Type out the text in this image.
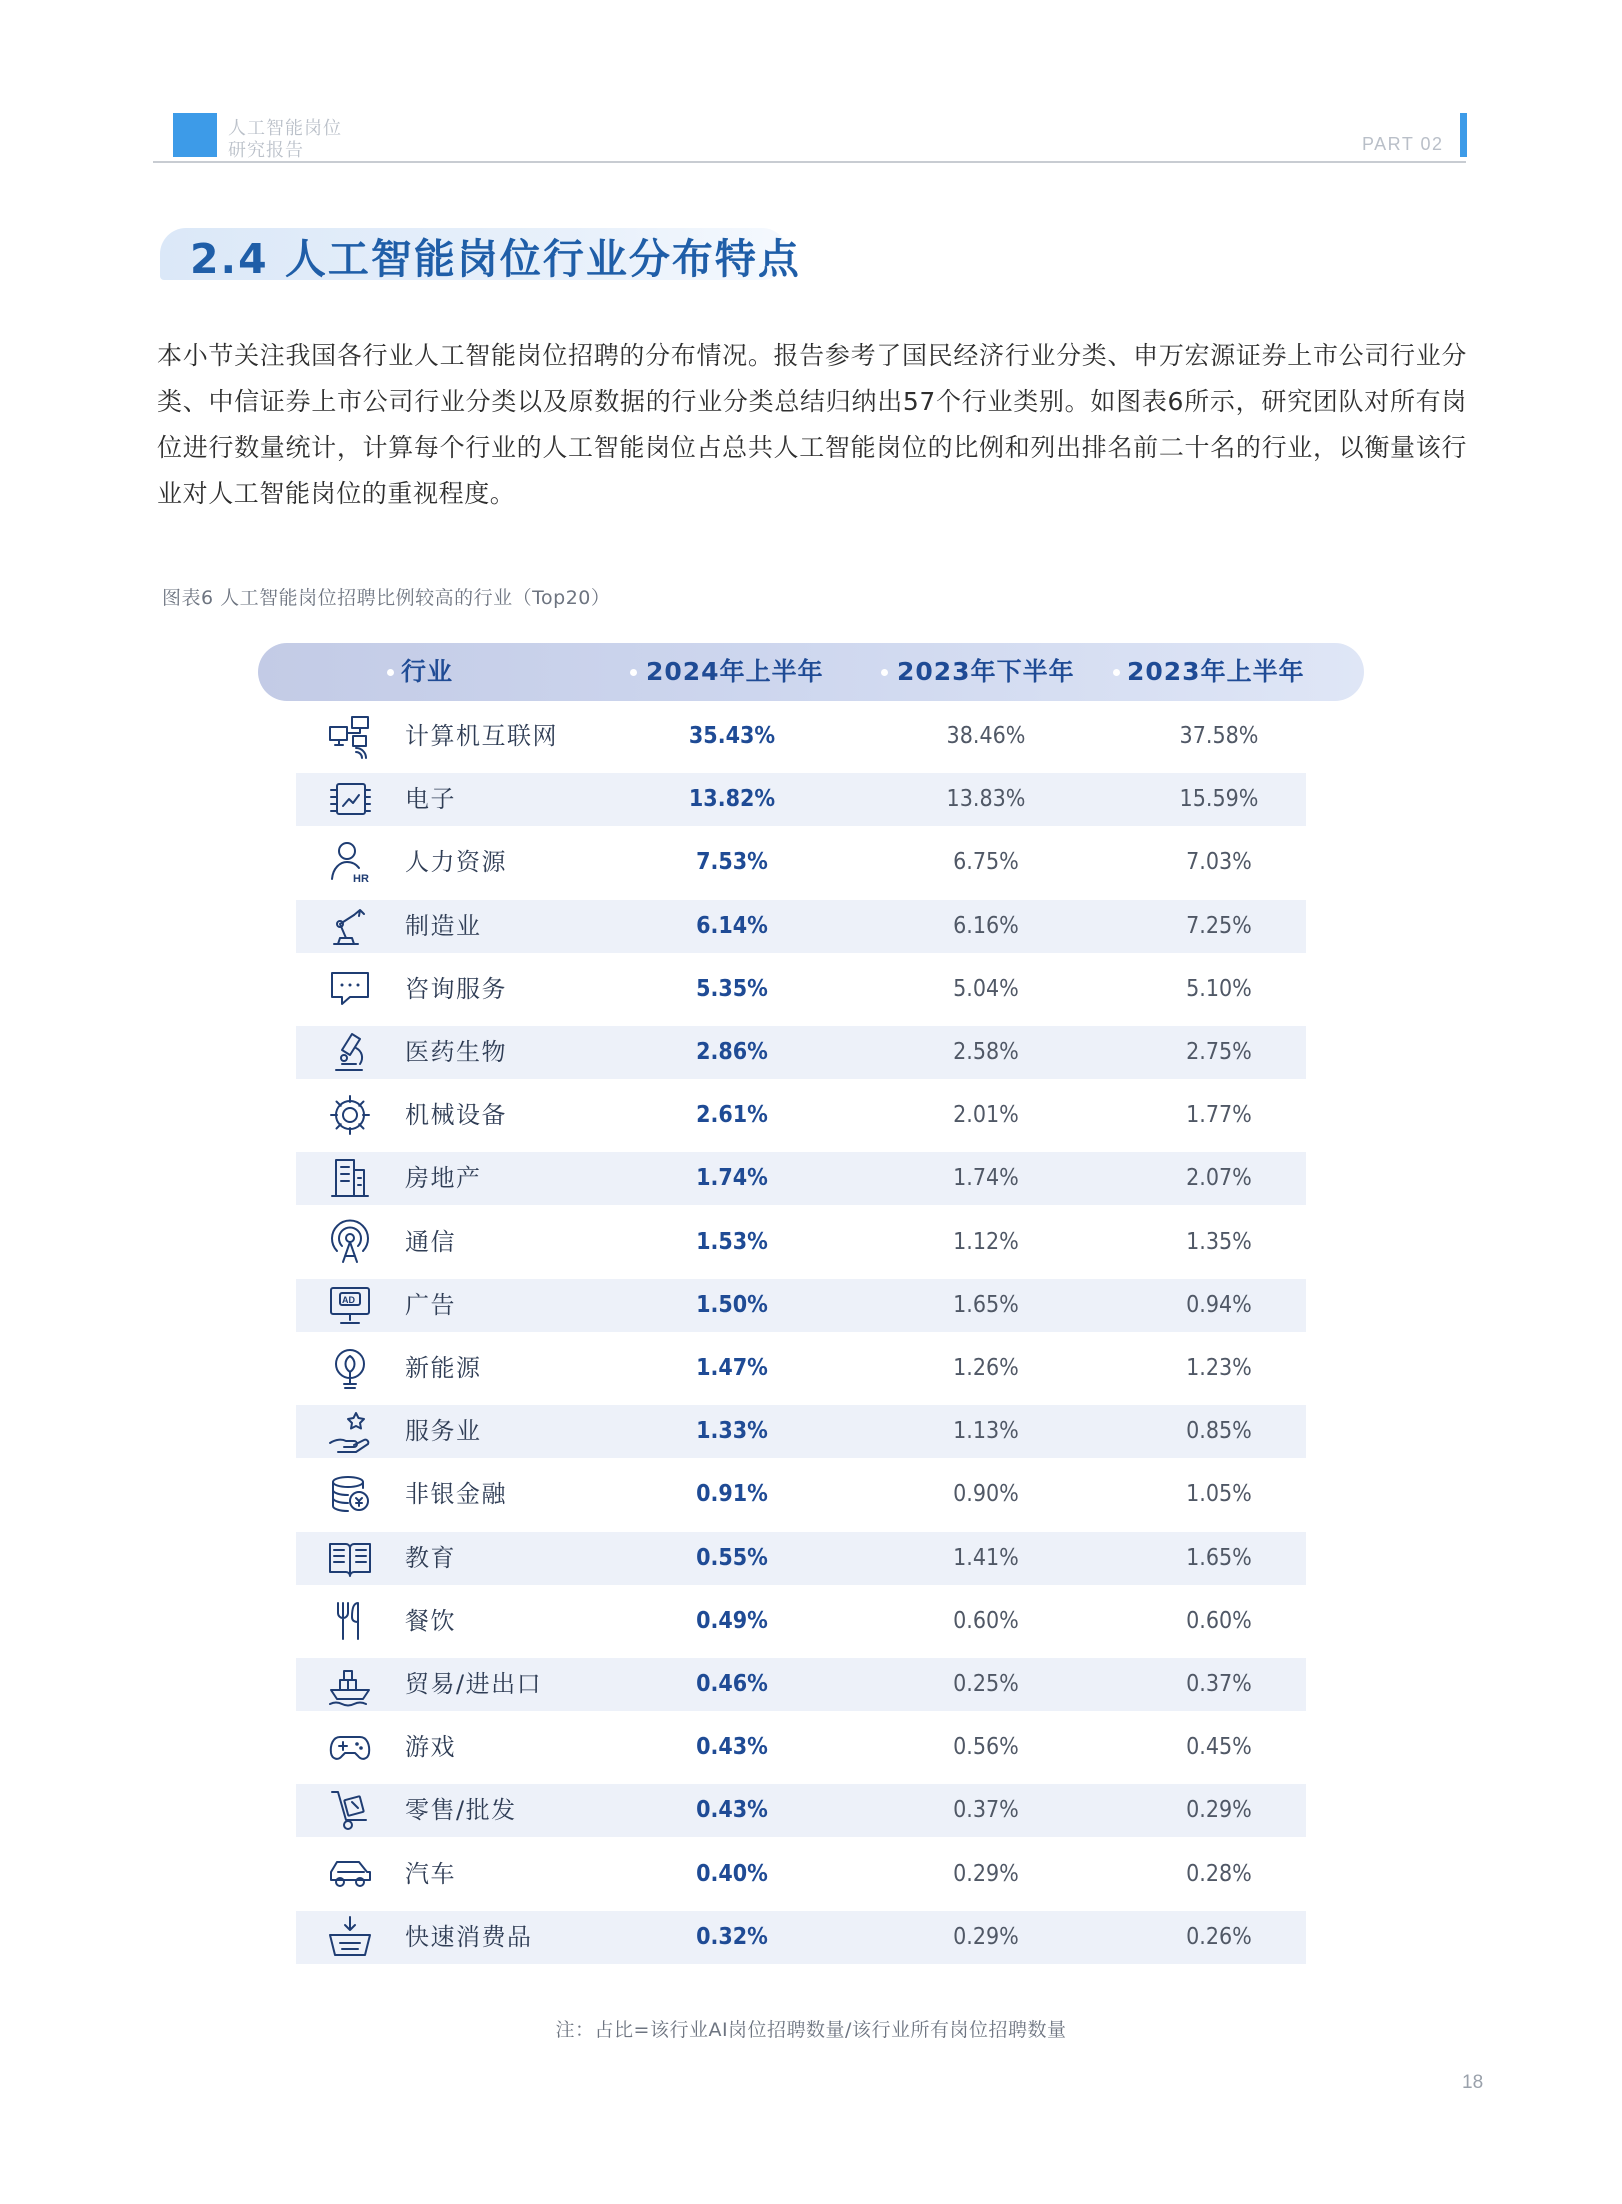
人工智能岗位
研究报告	PART 02
2.4 人工智能岗位行业分布特点
本小节关注我国各行业人工智能岗位招聘的分布情况。报告参考了国民经济行业分类、申万宏源证券上市公司行业分类、中信证券上市公司行业分类以及原数据的行业分类总结归纳出57个行业类别。如图表6所示，研究团队对所有岗位进行数量统计，计算每个行业的人工智能岗位占总共人工智能岗位的比例和列出排名前二十名的行业，以衡量该行业对人工智能岗位的重视程度。
图表6 人工智能岗位招聘比例较高的行业（Top20）
行业	2024年上半年	2023年下半年 2023年上半年
计算机互联网	35.43%	38.46%	37.58%
电子	13.82%	13.83%	15.59%
HR
人力资源	7.53%	6.75%	7.03%
制造业	6.14%	6.16%	7.25%
咨询服务	5.35%	5.04%	5.10%
医药生物	2.86%	2.58%	2.75%
机械设备	2.61%	2.01%	1.77%
房地产	1.74%	1.74%	2.07%
通信	1.53%	1.12%	1.35%
AD 广告	1.50%	1.65%	0.94%
新能源	1.47%	1.26%	1.23%
服务业	1.33%	1.13%	0.85%
非银金融	0.91%	0.90%	1.05%
教育	0.55%	1.41%	1.65%
餐饮	0.49%	0.60%	0.60%
贸易/进出口	0.46%	0.25%	0.37%
游戏	0.43%	0.56%	0.45%
零售/批发	0.43%	0.37%	0.29%
汽车	0.40%	0.29%	0.28%
快速消费品	0.32%	0.29%	0.26%
注：占比=该行业AI岗位招聘数量/该行业所有岗位招聘数量
18
